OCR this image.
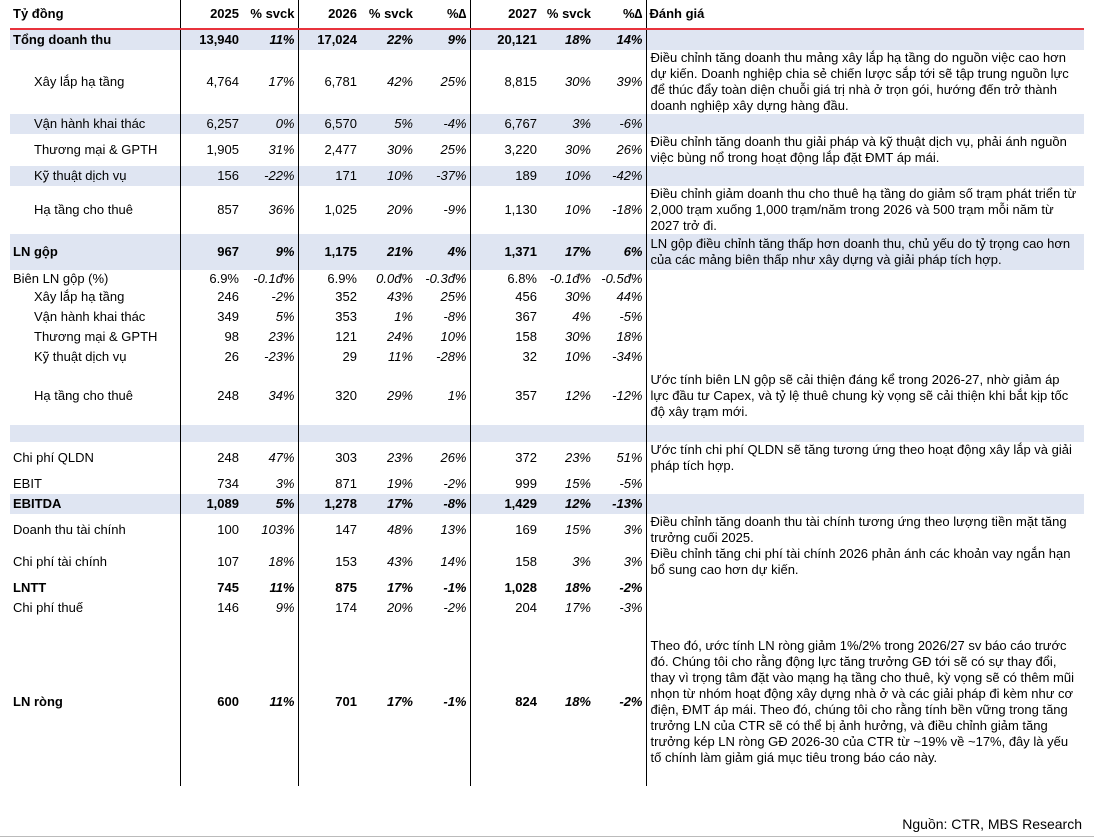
Tỷ đồng	2025	% svck	2026	% svck	%∆	2027	% svck	%∆	Đánh giá
Tổng doanh thu	13,940	11%	17,024	22%	9%	20,121	18%	14%	
Xây lắp hạ tầng	4,764	17%	6,781	42%	25%	8,815	30%	39%	Điều chỉnh tăng doanh thu mảng xây lắp hạ tầng do nguồn việc cao hơn dự kiến. Doanh nghiệp chia sẻ chiến lược sắp tới sẽ tập trung nguồn lực để thúc đẩy toàn diện chuỗi giá trị nhà ở trọn gói, hướng đến trở thành doanh nghiệp xây dựng hàng đầu.
Vận hành khai thác	6,257	0%	6,570	5%	-4%	6,767	3%	-6%	
Thương mại & GPTH	1,905	31%	2,477	30%	25%	3,220	30%	26%	Điều chỉnh tăng doanh thu giải pháp và kỹ thuật dịch vụ, phải ánh nguồn việc bùng nổ trong hoạt động lắp đặt ĐMT áp mái.
Kỹ thuật dịch vụ	156	-22%	171	10%	-37%	189	10%	-42%	
Hạ tầng cho thuê	857	36%	1,025	20%	-9%	1,130	10%	-18%	Điều chỉnh giảm doanh thu cho thuê hạ tầng do giảm số trạm phát triển từ 2,000 trạm xuống 1,000 trạm/năm trong 2026 và 500 trạm mỗi năm từ 2027 trở đi.
LN gộp	967	9%	1,175	21%	4%	1,371	17%	6%	LN gộp điều chỉnh tăng thấp hơn doanh thu, chủ yếu do tỷ trọng cao hơn của các mảng biên thấp như xây dựng và giải pháp tích hợp.
Biên LN gộp (%)	6.9%	-0.1đ%	6.9%	0.0đ%	-0.3đ%	6.8%	-0.1đ%	-0.5đ%	
Xây lắp hạ tầng	246	-2%	352	43%	25%	456	30%	44%	
Vận hành khai thác	349	5%	353	1%	-8%	367	4%	-5%	
Thương mại & GPTH	98	23%	121	24%	10%	158	30%	18%	
Kỹ thuật dịch vụ	26	-23%	29	11%	-28%	32	10%	-34%	
Hạ tầng cho thuê	248	34%	320	29%	1%	357	12%	-12%	Ước tính biên LN gộp sẽ cải thiện đáng kể trong 2026-27, nhờ giảm áp lực đầu tư Capex, và tỷ lệ thuê chung kỳ vọng sẽ cải thiện khi bắt kịp tốc độ xây trạm mới.

Chi phí QLDN	248	47%	303	23%	26%	372	23%	51%	Ước tính chi phí QLDN sẽ tăng tương ứng theo hoạt động xây lắp và giải pháp tích hợp.
EBIT	734	3%	871	19%	-2%	999	15%	-5%	
EBITDA	1,089	5%	1,278	17%	-8%	1,429	12%	-13%	
Doanh thu tài chính	100	103%	147	48%	13%	169	15%	3%	Điều chỉnh tăng doanh thu tài chính tương ứng theo lượng tiền mặt tăng trưởng cuối 2025.
Chi phí tài chính	107	18%	153	43%	14%	158	3%	3%	Điều chỉnh tăng chi phí tài chính 2026 phản ánh các khoản vay ngắn hạn bổ sung cao hơn dự kiến.
LNTT	745	11%	875	17%	-1%	1,028	18%	-2%	
Chi phí thuế	146	9%	174	20%	-2%	204	17%	-3%	
LN ròng	600	11%	701	17%	-1%	824	18%	-2%	Theo đó, ước tính LN ròng giảm 1%/2% trong 2026/27 sv báo cáo trước đó. Chúng tôi cho rằng động lực tăng trưởng GĐ tới sẽ có sự thay đổi, thay vì trọng tâm đặt vào mạng hạ tầng cho thuê, kỳ vọng sẽ có thêm mũi nhọn từ nhóm hoạt động xây dựng nhà ở và các giải pháp đi kèm như cơ điện, ĐMT áp mái. Theo đó, chúng tôi cho rằng tính bền vững trong tăng trưởng LN của CTR sẽ có thể bị ảnh hưởng, và điều chỉnh giảm tăng trưởng kép LN ròng GĐ 2026-30 của CTR từ ~19% về ~17%, đây là yếu tố chính làm giảm giá mục tiêu trong báo cáo này.
Nguồn: CTR, MBS Research
